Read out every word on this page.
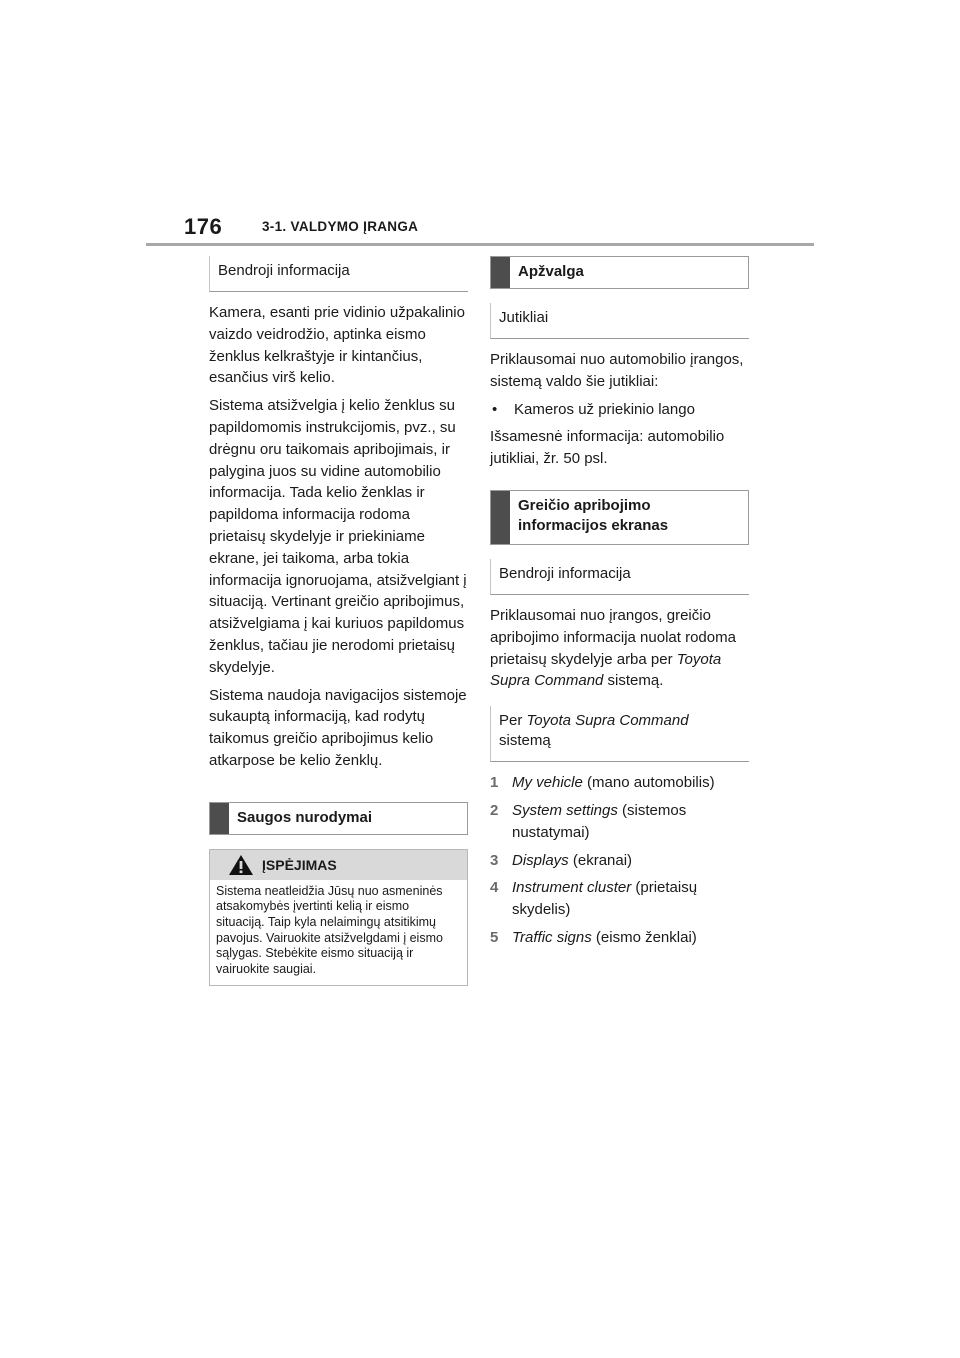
176	3-1. VALDYMO ĮRANGA
Bendroji informacija

Kamera, esanti prie vidinio užpakalinio vaizdo veidrodžio, aptinka eismo ženklus kelkraštyje ir kintančius, esančius virš kelio.

Sistema atsižvelgia į kelio ženklus su papildomomis instrukcijomis, pvz., su drėgnu oru taikomais apribojimais, ir palygina juos su vidine automobilio informacija. Tada kelio ženklas ir papildoma informacija rodoma prietaisų skydelyje ir priekiniame ekrane, jei taikoma, arba tokia informacija ignoruojama, atsižvelgiant į situaciją. Vertinant greičio apribojimus, atsižvelgiama į kai kuriuos papildomus ženklus, tačiau jie nerodomi prietaisų skydelyje.

Sistema naudoja navigacijos sistemoje sukauptą informaciją, kad rodytų taikomus greičio apribojimus kelio atkarpose be kelio ženklų.

Saugos nurodymai
ĮSPĖJIMAS
Sistema neatleidžia Jūsų nuo asmeninės atsakomybės įvertinti kelią ir eismo situaciją. Taip kyla nelaimingų atsitikimų pavojus. Vairuokite atsižvelgdami į eismo sąlygas. Stebėkite eismo situaciją ir vairuokite saugiai.
Apžvalga
Jutikliai

Priklausomai nuo automobilio įrangos, sistemą valdo šie jutikliai:

•	Kameros už priekinio lango

Išsamesnė informacija: automobilio jutikliai, žr. 50 psl.

Greičio apribojimo informacijos ekranas
Bendroji informacija

Priklausomai nuo įrangos, greičio apribojimo informacija nuolat rodoma prietaisų skydelyje arba per Toyota Supra Command sistemą.

Per Toyota Supra Command
sistemą
1 My vehicle (mano automobilis)
2 System settings (sistemos nustatymai)
3 Displays (ekranai)
4 Instrument cluster (prietaisų skydelis)
5 Traffic signs (eismo ženklai)
